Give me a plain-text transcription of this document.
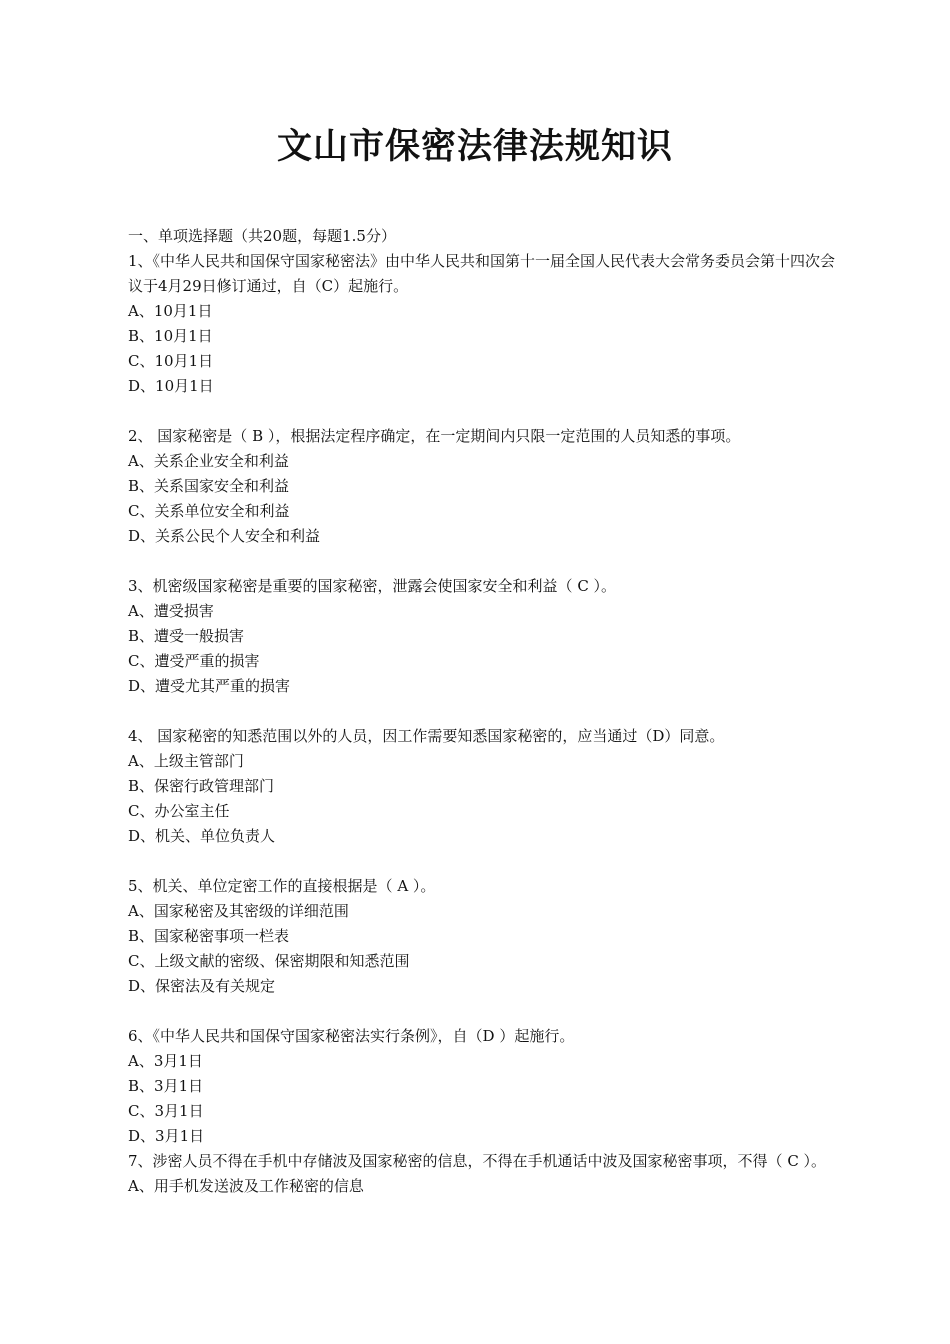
文山市保密法律法规知识
一、单项选择题（共20题，每题1.5分）
1、《中华人民共和国保守国家秘密法》由中华人民共和国第十一届全国人民代表大会常务委员会第十四次会议于4月29日修订通过，自（C）起施行。
A、10月1日
B、10月1日
C、10月1日
D、10月1日
2、 国家秘密是（ B ），根据法定程序确定，在一定期间内只限一定范围的人员知悉的事项。
A、关系企业安全和利益
B、关系国家安全和利益
C、关系单位安全和利益
D、关系公民个人安全和利益
3、机密级国家秘密是重要的国家秘密，泄露会使国家安全和利益（ C ）。
A、遭受损害
B、遭受一般损害
C、遭受严重的损害
D、遭受尤其严重的损害
4、 国家秘密的知悉范围以外的人员，因工作需要知悉国家秘密的，应当通过（D）同意。
A、上级主管部门
B、保密行政管理部门
C、办公室主任
D、机关、单位负责人
5、机关、单位定密工作的直接根据是（ A ）。
A、国家秘密及其密级的详细范围
B、国家秘密事项一栏表
C、上级文献的密级、保密期限和知悉范围
D、保密法及有关规定
6、《中华人民共和国保守国家秘密法实行条例》，自（D ）起施行。
A、3月1日
B、3月1日
C、3月1日
D、3月1日
7、涉密人员不得在手机中存储波及国家秘密的信息，不得在手机通话中波及国家秘密事项，不得（ C ）。
A、用手机发送波及工作秘密的信息
